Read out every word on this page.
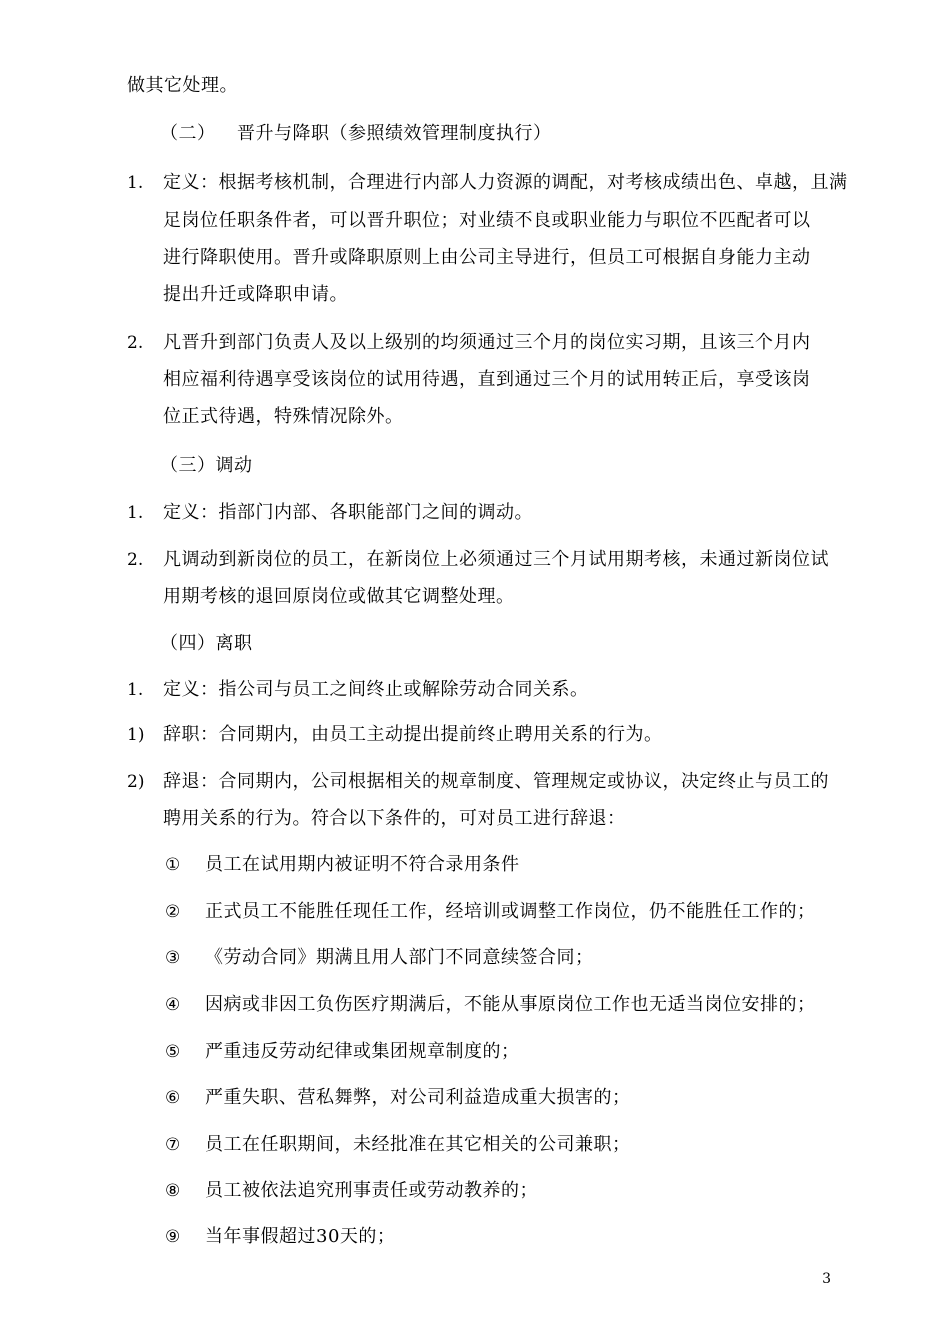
做其它处理。
（二） 晋升与降职（参照绩效管理制度执行）
1. 定义：根据考核机制，合理进行内部人力资源的调配，对考核成绩出色、卓越，且满
足岗位任职条件者，可以晋升职位；对业绩不良或职业能力与职位不匹配者可以
进行降职使用。晋升或降职原则上由公司主导进行，但员工可根据自身能力主动
提出升迁或降职申请。
2. 凡晋升到部门负责人及以上级别的均须通过三个月的岗位实习期，且该三个月内
相应福利待遇享受该岗位的试用待遇，直到通过三个月的试用转正后，享受该岗
位正式待遇，特殊情况除外。
（三）调动
1. 定义：指部门内部、各职能部门之间的调动。
2. 凡调动到新岗位的员工，在新岗位上必须通过三个月试用期考核，未通过新岗位试
用期考核的退回原岗位或做其它调整处理。
（四）离职
1. 定义：指公司与员工之间终止或解除劳动合同关系。
1) 辞职：合同期内，由员工主动提出提前终止聘用关系的行为。
2) 辞退：合同期内，公司根据相关的规章制度、管理规定或协议，决定终止与员工的
聘用关系的行为。符合以下条件的，可对员工进行辞退：
① 员工在试用期内被证明不符合录用条件
② 正式员工不能胜任现任工作，经培训或调整工作岗位，仍不能胜任工作的；
③ 《劳动合同》期满且用人部门不同意续签合同；
④ 因病或非因工负伤医疗期满后，不能从事原岗位工作也无适当岗位安排的；
⑤ 严重违反劳动纪律或集团规章制度的；
⑥ 严重失职、营私舞弊，对公司利益造成重大损害的；
⑦ 员工在任职期间，未经批准在其它相关的公司兼职；
⑧ 员工被依法追究刑事责任或劳动教养的；
⑨ 当年事假超过30天的；
3
